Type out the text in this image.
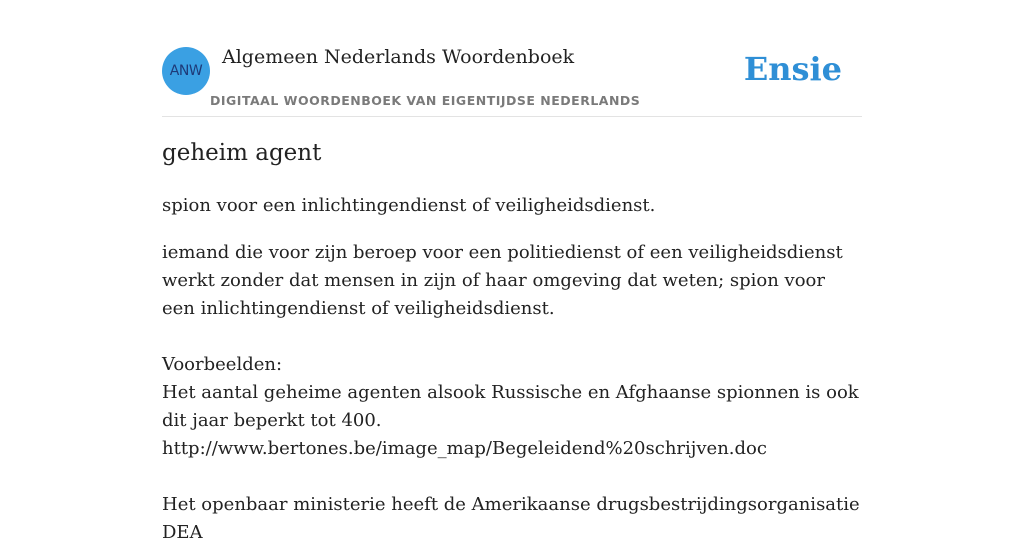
ANW
Algemeen Nederlands Woordenboek
DIGITAAL WOORDENBOEK VAN EIGENTIJDSE NEDERLANDS
Ensie
geheim agent

spion voor een inlichtingendienst of veiligheidsdienst.

iemand die voor zijn beroep voor een politiedienst of een veiligheidsdienst werkt zonder dat mensen in zijn of haar omgeving dat weten; spion voor een inlichtingendienst of veiligheidsdienst.

Voorbeelden:

Het aantal geheime agenten alsook Russische en Afghaanse spionnen is ook dit jaar beperkt tot 400.

http://www.bertones.be/image_map/Begeleidend%20schrijven.doc

Het openbaar ministerie heeft de Amerikaanse drugsbestrijdingsorganisatie DEA
